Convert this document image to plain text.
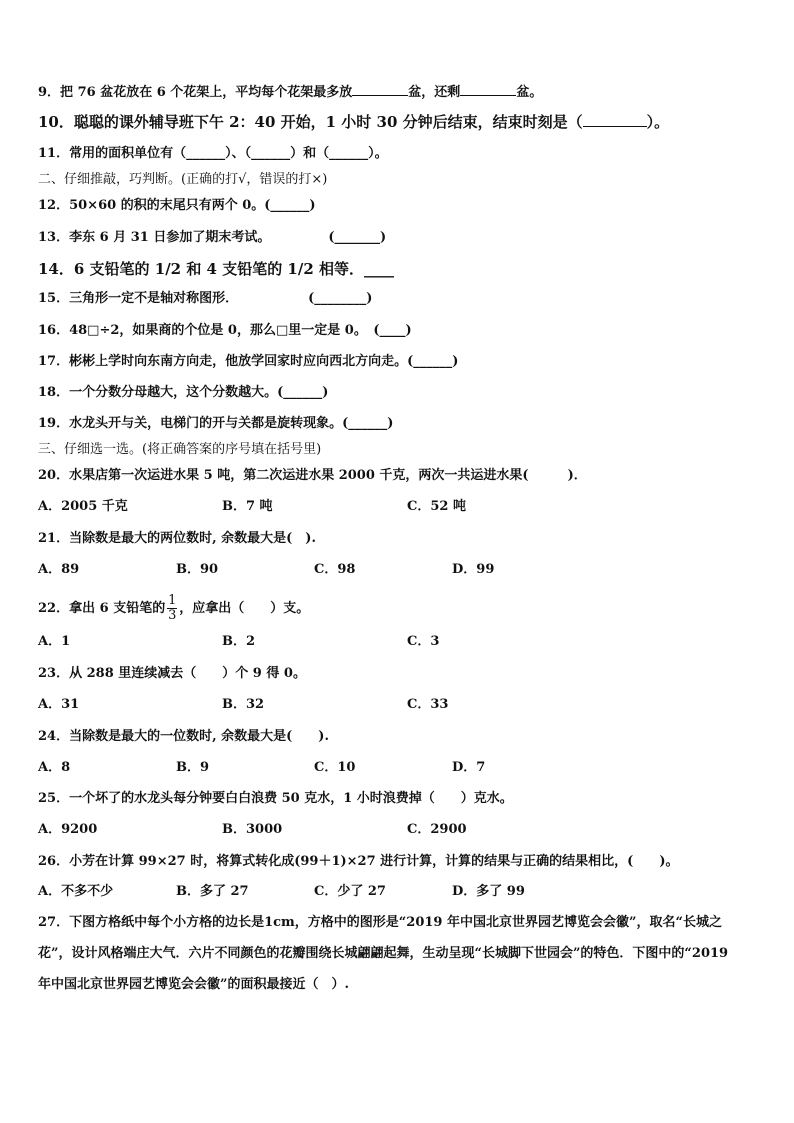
9．把 76 盆花放在 6 个花架上，平均每个花架最多放	盆，还剩	盆。
10．聪聪的课外辅导班下午 2：40 开始，1 小时 30 分钟后结束，结束时刻是（	）。
11．常用的面积单位有（______）、（______）和（______）。
二、仔细推敲，巧判断。(正确的打√，错误的打×)
12．50×60 的积的末尾只有两个 0。(______)
13．李东 6 月 31 日参加了期末考试。	(_______)
14．6 支铅笔的 1/2 和 4 支铅笔的 1/2 相等．____
15．三角形一定不是轴对称图形．	(________)
16．48□÷2，如果商的个位是 0，那么□里一定是 0。　(____)
17．彬彬上学时向东南方向走，他放学回家时应向西北方向走。(______)
18．一个分数分母越大，这个分数越大。(______)
19．水龙头开与关，电梯门的开与关都是旋转现象。(______)
三、仔细选一选。(将正确答案的序号填在括号里)
20．水果店第一次运进水果 5 吨，第二次运进水果 2000 千克，两次一共运进水果(　　　)．
A．2005 千克	B．7 吨	C．52 吨
21．当除数是最大的两位数时, 余数最大是(　).
A．89	B．90	C．98	D．99
22．拿出 6 支铅笔的 $\frac{1}{3}$ ，应拿出（　　）支。
A．1	B．2	C．3
23．从 288 里连续减去（　　）个 9 得 0。
A．31	B．32	C．33
24．当除数是最大的一位数时, 余数最大是(　　).
A．8	B．9	C．10	D．7
25．一个坏了的水龙头每分钟要白白浪费 50 克水，1 小时浪费掉（　　）克水。
A．9200	B．3000	C．2900
26．小芳在计算 99×27 时，将算式转化成(99＋1)×27 进行计算，计算的结果与正确的结果相比，(　　)。
A．不多不少	B．多了 27	C．少了 27	D．多了 99
27．下图方格纸中每个小方格的边长是1cm，方格中的图形是“2019 年中国北京世界园艺博览会会徽”，取名“长城之
花”，设计风格端庄大气．六片不同颜色的花瓣围绕长城翩翩起舞，生动呈现“长城脚下世园会”的特色．下图中的“2019
年中国北京世界园艺博览会会徽”的面积最接近（　）.
